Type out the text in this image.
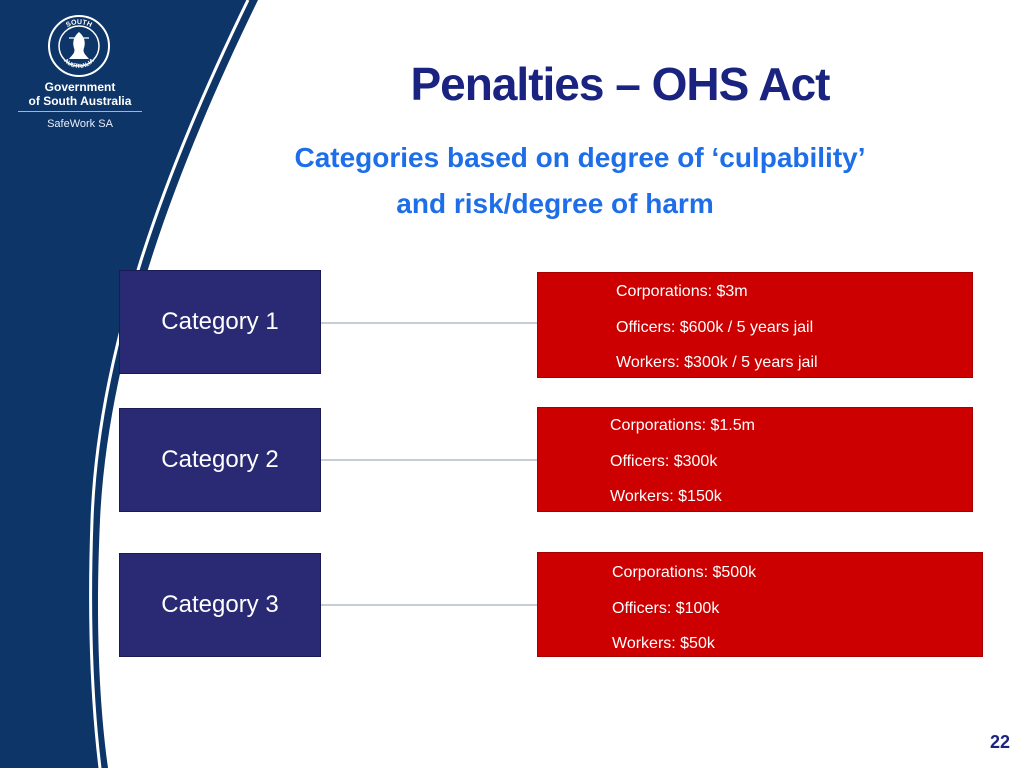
SOUTH
AUSTRALIA
Government
of South Australia
SafeWork SA
Penalties – OHS Act
Categories based on degree of ‘culpability’
and risk/degree of harm
Category 1
Corporations: $3m
Officers: $600k / 5 years jail
Workers: $300k / 5 years jail
Category 2
Corporations: $1.5m
Officers: $300k
Workers: $150k
Category 3
Corporations: $500k
Officers: $100k
Workers: $50k
22
